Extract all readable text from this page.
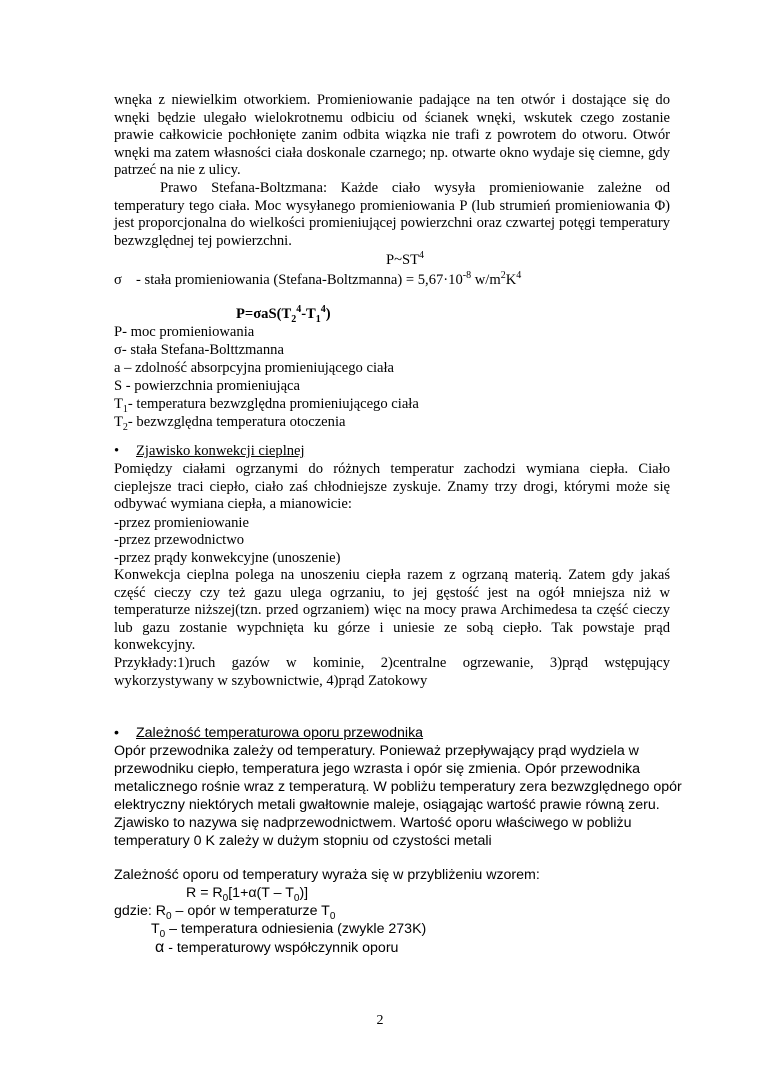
wnęka z niewielkim otworkiem. Promieniowanie padające na ten otwór i dostające się do wnęki będzie ulegało wielokrotnemu odbiciu od ścianek wnęki, wskutek czego zostanie prawie całkowicie pochłonięte zanim odbita wiązka nie trafi z powrotem do otworu. Otwór wnęki ma zatem własności ciała doskonale czarnego; np. otwarte okno wydaje się ciemne, gdy patrzeć na nie z ulicy.

Prawo Stefana-Boltzmana: Każde ciało wysyła promieniowanie zależne od temperatury tego ciała. Moc wysyłanego promieniowania P (lub strumień promieniowania Φ) jest proporcjonalna do wielkości promieniującej powierzchni oraz czwartej potęgi temperatury bezwzględnej tej powierzchni.

$P\sim ST^4$
σ - stała promieniowania (Stefana-Boltzmanna) = $5,67\cdot 10^{-8}$ $w/m^2K^4$
$P=\sigma aS(T_2^4-T_1^4)$
P- moc promieniowania
σ- stała Stefana-Bolttzmanna
a – zdolność absorpcyjna promieniującego ciała
S - powierzchnia promieniująca
$T_1-$ temperatura bezwzględna promieniującego ciała
$T_2-$ bezwzględna temperatura otoczenia
• Zjawisko konwekcji cieplnej

Pomiędzy ciałami ogrzanymi do różnych temperatur zachodzi wymiana ciepła. Ciało cieplejsze traci ciepło, ciało zaś chłodniejsze zyskuje. Znamy trzy drogi, którymi może się odbywać wymiana ciepła, a mianowicie:

-przez promieniowanie
-przez przewodnictwo
-przez prądy konwekcyjne (unoszenie)

Konwekcja cieplna polega na unoszeniu ciepła razem z ogrzaną materią. Zatem gdy jakaś część cieczy czy też gazu ulega ogrzaniu, to jej gęstość jest na ogół mniejsza niż w temperaturze niższej(tzn. przed ogrzaniem) więc na mocy prawa Archimedesa ta część cieczy lub gazu zostanie wypchnięta ku górze i uniesie ze sobą ciepło. Tak powstaje prąd konwekcyjny.

Przykłady:1)ruch gazów w kominie, 2)centralne ogrzewanie, 3)prąd wstępujący wykorzystywany w szybownictwie, 4)prąd Zatokowy

• Zależność temperaturowa oporu przewodnika
Opór przewodnika zależy od temperatury. Ponieważ przepływający prąd wydziela w
przewodniku ciepło, temperatura jego wzrasta i opór się zmienia. Opór przewodnika
metalicznego rośnie wraz z temperaturą. W pobliżu temperatury zera bezwzględnego opór
elektryczny niektórych metali gwałtownie maleje, osiągając wartość prawie równą zeru.
Zjawisko to nazywa się nadprzewodnictwem. Wartość oporu właściwego w pobliżu
temperatury 0 K zależy w dużym stopniu od czystości metali
Zależność oporu od temperatury wyraża się w przybliżeniu wzorem:
$R = R_0[1+\alpha(T - T_0)]$
gdzie: $R_0$ – opór w temperaturze $T_0$
$T_0$ – temperatura odniesienia (zwykle 273K)
α - temperaturowy współczynnik oporu
2
